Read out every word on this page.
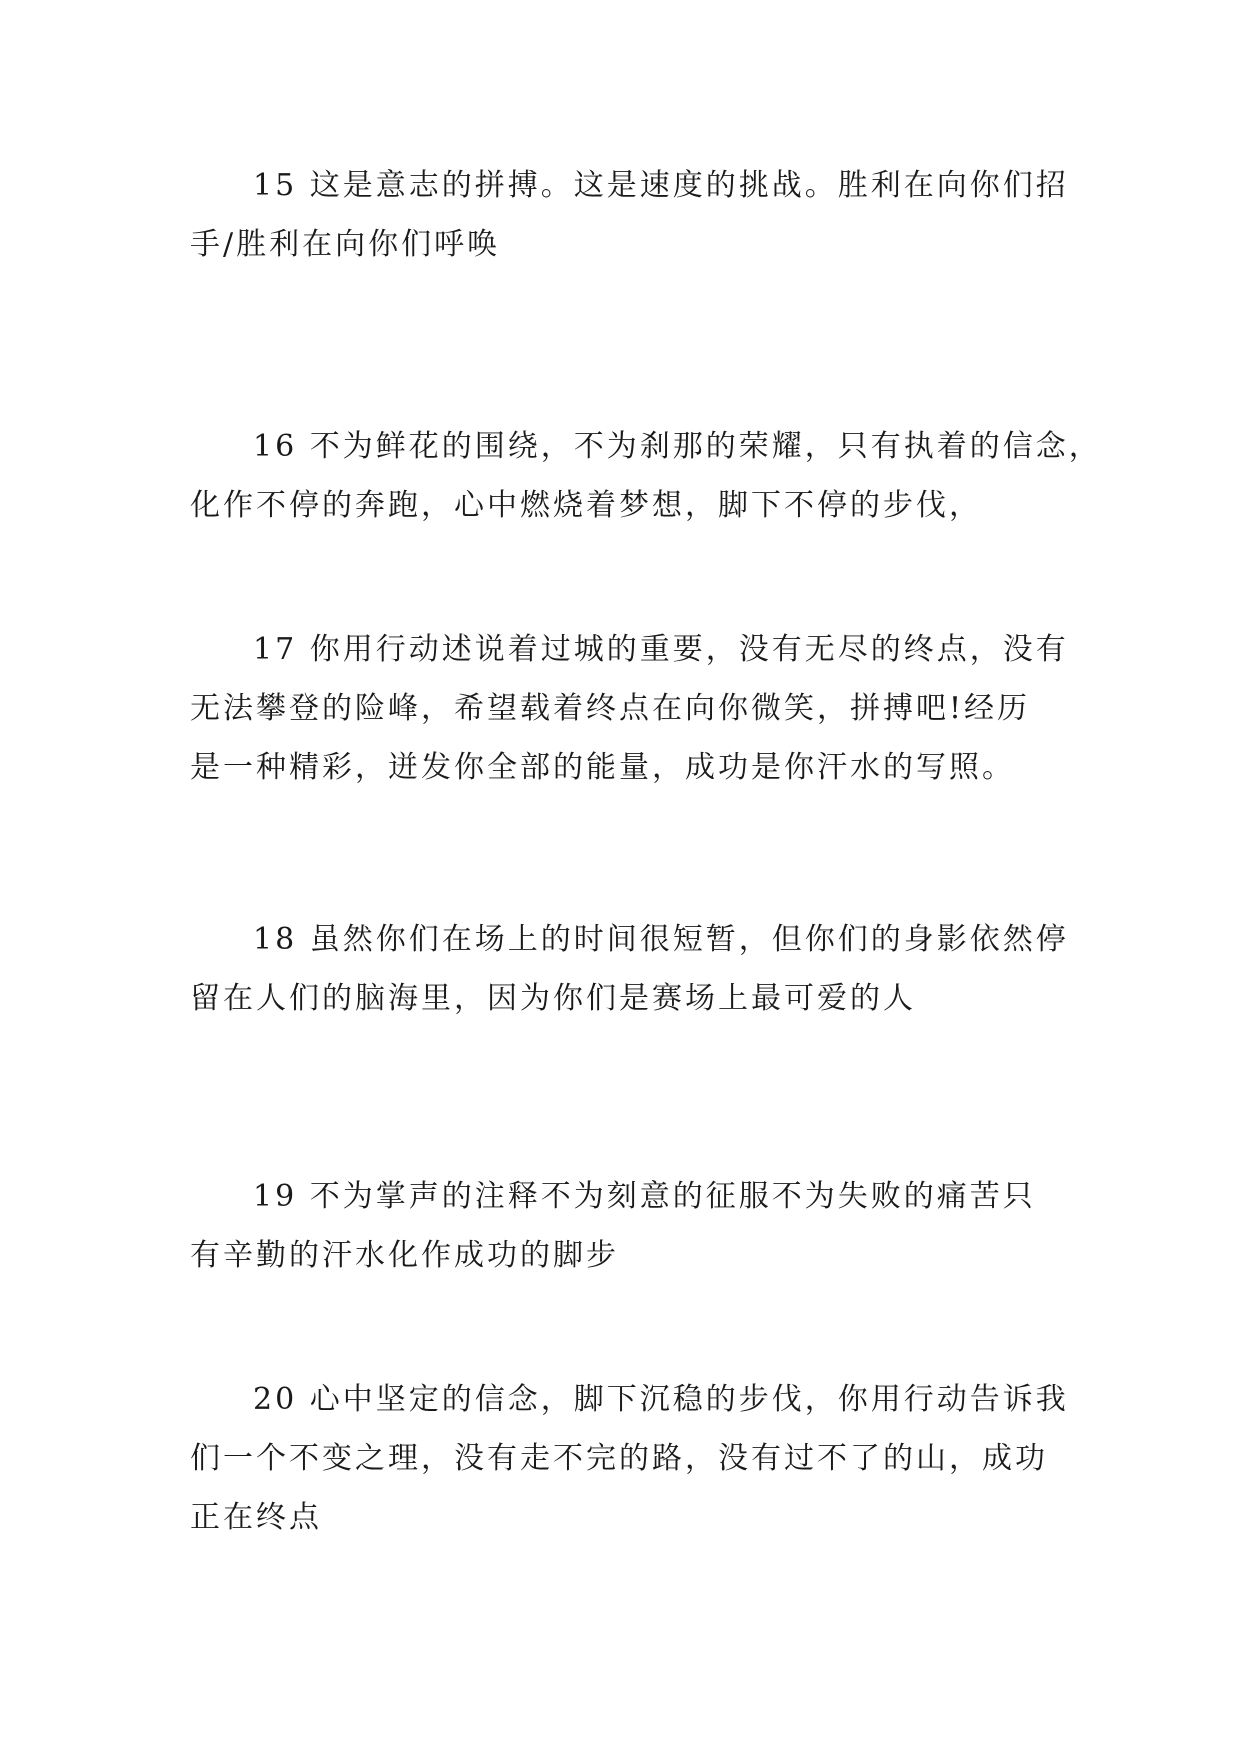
15 这是意志的拼搏。这是速度的挑战。胜利在向你们招
手/胜利在向你们呼唤

16 不为鲜花的围绕，不为刹那的荣耀，只有执着的信念，
化作不停的奔跑，心中燃烧着梦想，脚下不停的步伐，

17 你用行动述说着过城的重要，没有无尽的终点，没有
无法攀登的险峰，希望载着终点在向你微笑，拼搏吧!经历
是一种精彩，迸发你全部的能量，成功是你汗水的写照。

18 虽然你们在场上的时间很短暂，但你们的身影依然停
留在人们的脑海里，因为你们是赛场上最可爱的人

19 不为掌声的注释不为刻意的征服不为失败的痛苦只
有辛勤的汗水化作成功的脚步

20 心中坚定的信念，脚下沉稳的步伐，你用行动告诉我
们一个不变之理，没有走不完的路，没有过不了的山，成功
正在终点
